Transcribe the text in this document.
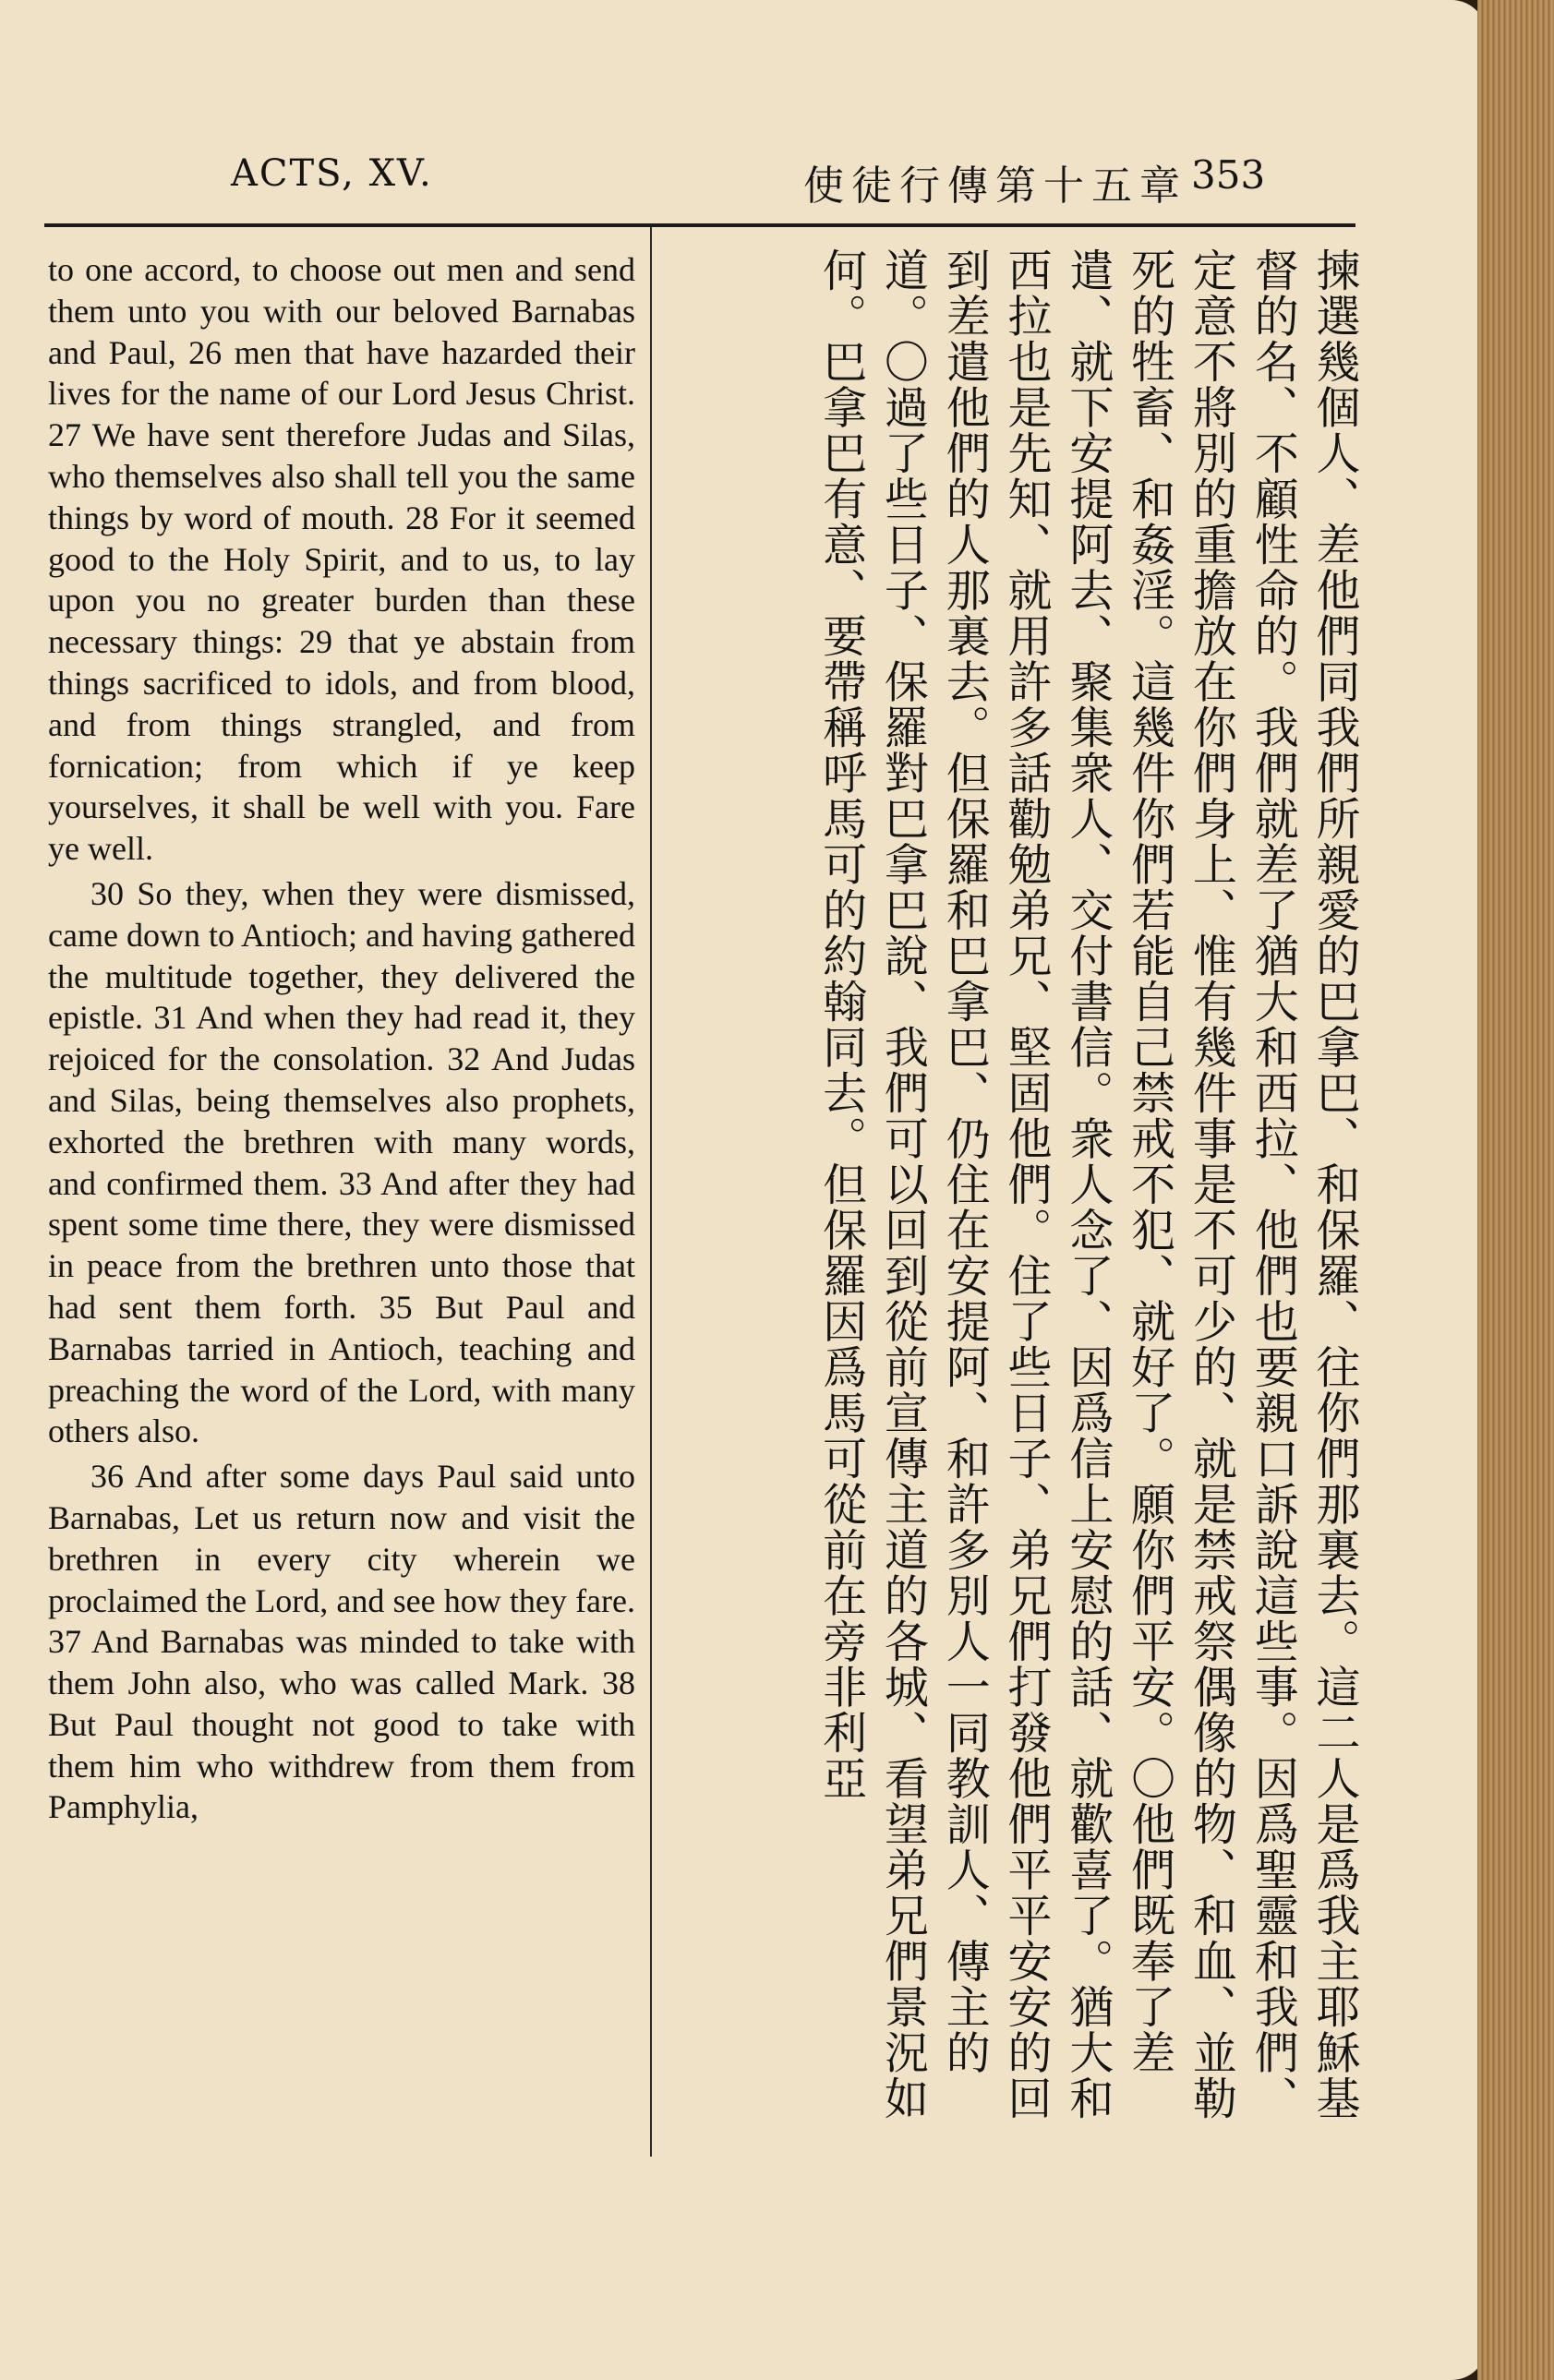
ACTS, XV.	使徒行傳第十五章 353

to one accord, to choose out men and send them unto you with our beloved Barnabas and Paul, 26 men that have hazarded their lives for the name of our Lord Jesus Christ. 27 We have sent therefore Judas and Silas, who themselves also shall tell you the same things by word of mouth. 28 For it seemed good to the Holy Spirit, and to us, to lay upon you no greater burden than these necessary things: 29 that ye abstain from things sacrificed to idols, and from blood, and from things strangled, and from fornication; from which if ye keep yourselves, it shall be well with you. Fare ye well.

30 So they, when they were dismissed, came down to Antioch; and having gathered the multitude together, they delivered the epistle. 31 And when they had read it, they rejoiced for the consolation. 32 And Judas and Silas, being themselves also prophets, exhorted the brethren with many words, and confirmed them. 33 And after they had spent some time there, they were dismissed in peace from the brethren unto those that had sent them forth. 35 But Paul and Barnabas tarried in Antioch, teaching and preaching the word of the Lord, with many others also.

36 And after some days Paul said unto Barnabas, Let us return now and visit the brethren in every city wherein we proclaimed the Lord, and see how they fare. 37 And Barnabas was minded to take with them John also, who was called Mark. 38 But Paul thought not good to take with them him who withdrew from them from Pamphylia,	揀選幾個人、差他們同我們所親愛的巴拿巴、和保羅、往你們那裏去。這二人是爲我主耶穌基督的名、不顧性命的。我們就差了猶大和西拉、他們也要親口訴說這些事。因爲聖靈和我們、定意不將別的重擔放在你們身上、惟有幾件事是不可少的、就是禁戒祭偶像的物、和血、並勒死的牲畜、和姦淫。這幾件你們若能自己禁戒不犯、就好了。願你們平安。〇他們既奉了差遣、就下安提阿去、聚集衆人、交付書信。衆人念了、因爲信上安慰的話、就歡喜了。猶大和西拉也是先知、就用許多話勸勉弟兄、堅固他們。住了些日子、弟兄們打發他們平平安安的回到差遣他們的人那裏去。但保羅和巴拿巴、仍住在安提阿、和許多別人一同教訓人、傳主的道。〇過了些日子、保羅對巴拿巴說、我們可以回到從前宣傳主道的各城、看望弟兄們景況如何。巴拿巴有意、要帶稱呼馬可的約翰同去。但保羅因爲馬可從前在旁非利亞
